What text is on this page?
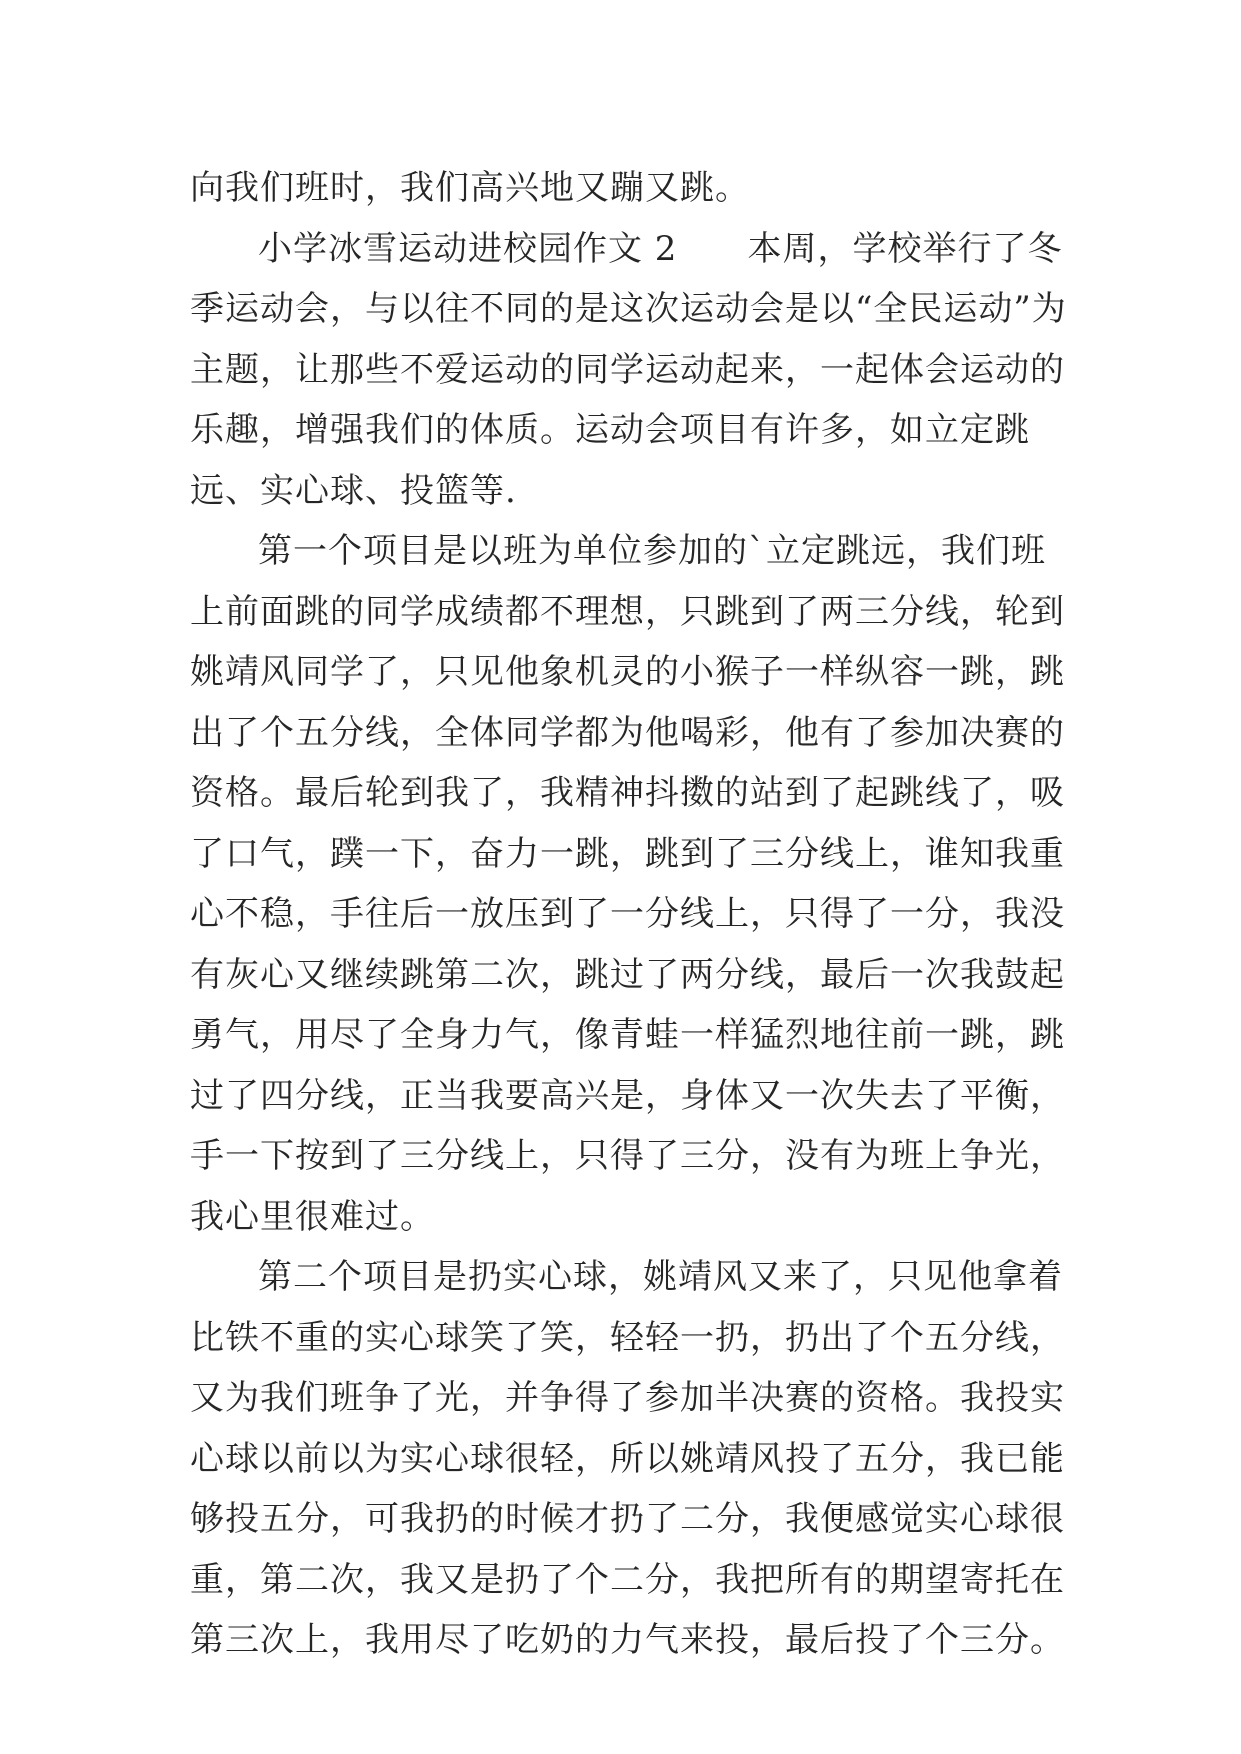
向我们班时，我们高兴地又蹦又跳。

小学冰雪运动进校园作文 2　　本周，学校举行了冬季运动会，与以往不同的是这次运动会是以“全民运动”为主题，让那些不爱运动的同学运动起来，一起体会运动的乐趣，增强我们的体质。运动会项目有许多，如立定跳远、实心球、投篮等.

第一个项目是以班为单位参加的`立定跳远，我们班上前面跳的同学成绩都不理想，只跳到了两三分线，轮到姚靖风同学了，只见他象机灵的小猴子一样纵容一跳，跳出了个五分线，全体同学都为他喝彩，他有了参加决赛的资格。最后轮到我了，我精神抖擞的站到了起跳线了，吸了口气，蹼一下，奋力一跳，跳到了三分线上，谁知我重心不稳，手往后一放压到了一分线上，只得了一分，我没有灰心又继续跳第二次，跳过了两分线，最后一次我鼓起勇气，用尽了全身力气，像青蛙一样猛烈地往前一跳，跳过了四分线，正当我要高兴是，身体又一次失去了平衡，手一下按到了三分线上，只得了三分，没有为班上争光，我心里很难过。

第二个项目是扔实心球，姚靖风又来了，只见他拿着比铁不重的实心球笑了笑，轻轻一扔，扔出了个五分线，又为我们班争了光，并争得了参加半决赛的资格。我投实心球以前以为实心球很轻，所以姚靖风投了五分，我已能够投五分，可我扔的时候才扔了二分，我便感觉实心球很重，第二次，我又是扔了个二分，我把所有的期望寄托在第三次上，我用尽了吃奶的力气来投，最后投了个三分。
